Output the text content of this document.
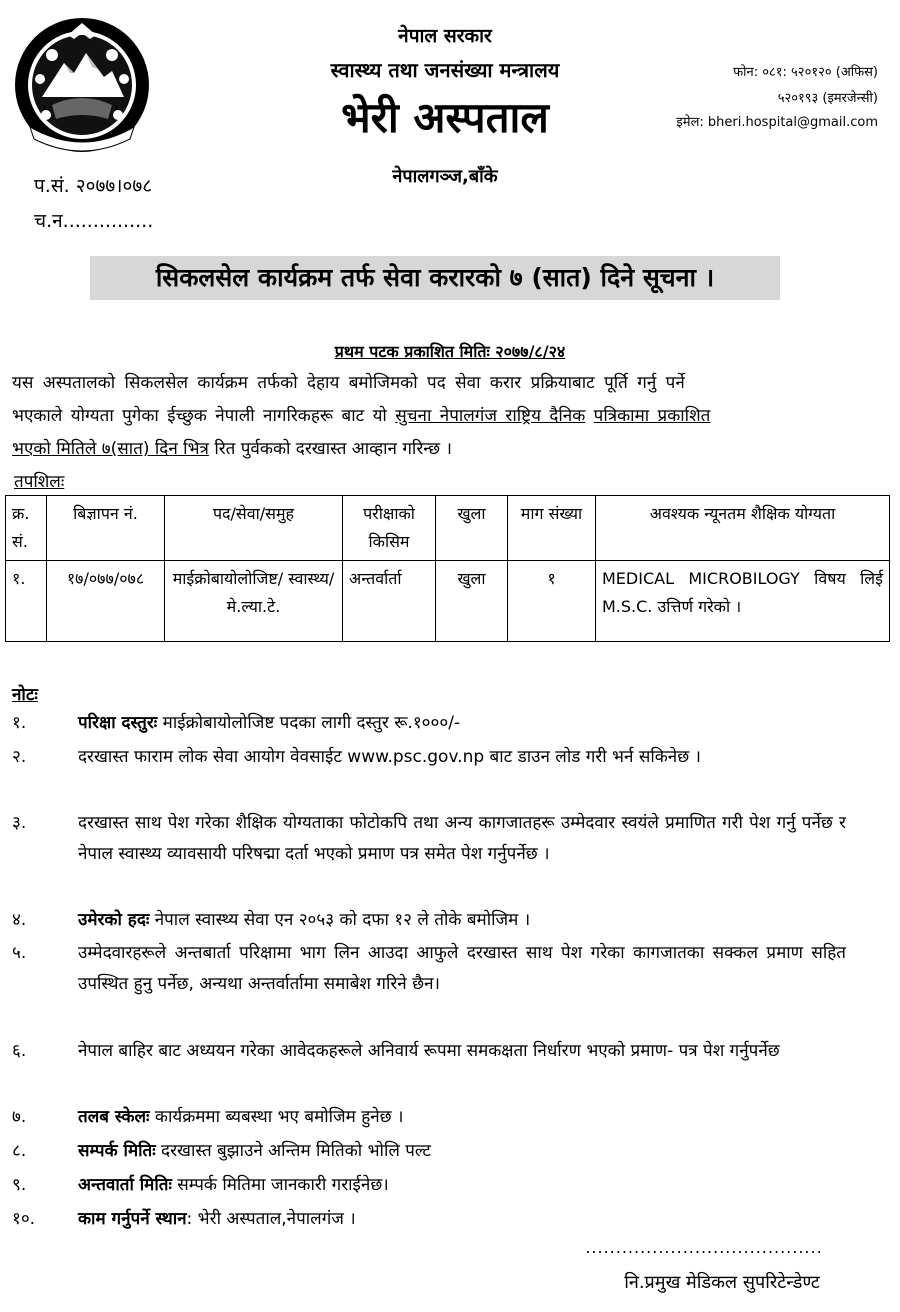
नेपाल सरकार
स्वास्थ्य तथा जनसंख्या मन्त्रालय
भेरी अस्पताल
नेपालगञ्ज,बाँके
फोन: ०८१: ५२०१२० (अफिस)
५२०१९३ (इमरजेन्सी)
इमेल: bheri.hospital@gmail.com
प.सं. २०७७।०७८
च.न...............
सिकलसेल कार्यक्रम तर्फ सेवा करारको ७ (सात) दिने सूचना ।
प्रथम पटक प्रकाशित मितिः २०७७/८/२४
यस अस्पतालको सिकलसेल कार्यक्रम तर्फको देहाय बमोजिमको पद सेवा करार प्रक्रियाबाट पूर्ति गर्नु पर्ने
भएकाले योग्यता पुगेका ईच्छुक नेपाली नागरिकहरू बाट यो सुचना नेपालगंज राष्ट्रिय दैनिक पत्रिकामा प्रकाशित
भएको मितिले ७(सात) दिन भित्र रित पुर्वकको दरखास्त आव्हान गरिन्छ ।
तपशिलः
क्र. सं.	बिज्ञापन नं.	पद/सेवा/समुह	परीक्षाको किसिम	खुला	माग संख्या	अवश्यक न्यूनतम शैक्षिक योग्यता
१.	१७/०७७/०७८	माईक्रोबायोलोजिष्ट/ स्वास्थ्य/मे.ल्या.टे.	अन्तर्वार्ता	खुला	१	MEDICAL MICROBILOGY विषय लिई M.S.C. उत्तिर्ण गरेको ।
नोटः
१.	परिक्षा दस्तुरः माईक्रोबायोलोजिष्ट पदका लागी दस्तुर रू.१०००/-
२.	दरखास्त फाराम लोक सेवा आयोग वेवसाईट www.psc.gov.np बाट डाउन लोड गरी भर्न सकिनेछ ।
३.	दरखास्त साथ पेश गरेका शैक्षिक योग्यताका फोटोकपि तथा अन्य कागजातहरू उम्मेदवार स्वयंले प्रमाणित गरी पेश गर्नु पर्नेछ र नेपाल स्वास्थ्य व्यावसायी परिषद्मा दर्ता भएको प्रमाण पत्र समेत पेश गर्नुपर्नेछ ।
४.	उमेरको हदः नेपाल स्वास्थ्य सेवा एन २०५३ को दफा १२ ले तोके बमोजिम ।
५.	उम्मेदवारहरूले अन्तबार्ता परिक्षामा भाग लिन आउदा आफुले दरखास्त साथ पेश गरेका कागजातका सक्कल प्रमाण सहित उपस्थित हुनु पर्नेछ, अन्यथा अन्तर्वार्तामा समाबेश गरिने छैन।
६.	नेपाल बाहिर बाट अध्ययन गरेका आवेदकहरूले अनिवार्य रूपमा समकक्षता निर्धारण भएको प्रमाण- पत्र पेश गर्नुपर्नेछ
७.	तलब स्केलः कार्यक्रममा ब्यबस्था भए बमोजिम हुनेछ ।
८.	सम्पर्क मितिः दरखास्त बुझाउने अन्तिम मितिको भोलि पल्ट
९.	अन्तवार्ता मितिः सम्पर्क मितिमा जानकारी गराईनेछ।
१०.	काम गर्नुपर्ने स्थान: भेरी अस्पताल,नेपालगंज ।
.......................................
नि.प्रमुख मेडिकल सुपरिटेन्डेण्ट
